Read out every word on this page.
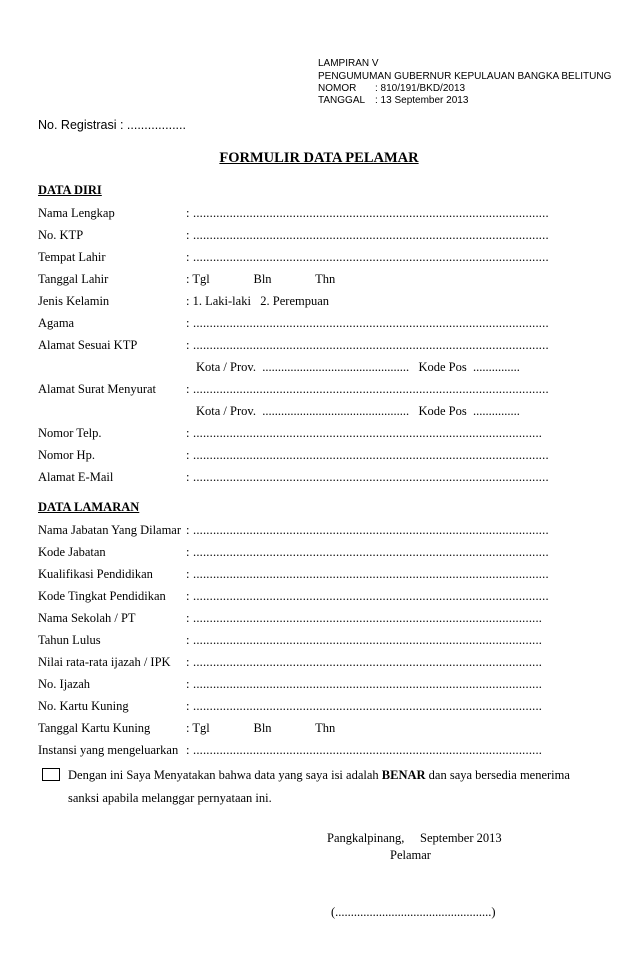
LAMPIRAN V
PENGUMUMAN GUBERNUR KEPULAUAN BANGKA BELITUNG
NOMOR : 810/191/BKD/2013
TANGGAL : 13 September 2013
No. Registrasi : .................
FORMULIR DATA PELAMAR
DATA DIRI
Nama Lengkap	: ...........................................................................................................
No. KTP	: ...........................................................................................................
Tempat Lahir	: ...........................................................................................................
Tanggal Lahir	: Tgl              Bln              Thn
Jenis Kelamin	: 1. Laki-laki   2. Perempuan
Agama	: ...........................................................................................................
Alamat Sesuai KTP	: ...........................................................................................................
Kota / Prov.  ...............................................   Kode Pos  ...............
Alamat Surat Menyurat : ...........................................................................................................
Kota / Prov.  ...............................................   Kode Pos  ...............
Nomor Telp.	: .........................................................................................................
Nomor Hp.	: ...........................................................................................................
Alamat E-Mail	: ...........................................................................................................
DATA LAMARAN
Nama Jabatan Yang Dilamar : ...........................................................................................................
Kode Jabatan	: ...........................................................................................................
Kualifikasi Pendidikan	: ...........................................................................................................
Kode Tingkat Pendidikan : ...........................................................................................................
Nama Sekolah / PT	: .........................................................................................................
Tahun Lulus	: .........................................................................................................
Nilai rata-rata ijazah / IPK : .........................................................................................................
No. Ijazah	: .........................................................................................................
No. Kartu Kuning	: .........................................................................................................
Tanggal Kartu Kuning	: Tgl              Bln              Thn
Instansi yang mengeluarkan : .........................................................................................................
Dengan ini Saya Menyatakan bahwa data yang saya isi adalah BENAR dan saya bersedia menerima
sanksi apabila melanggar pernyataan ini.
Pangkalpinang,     September 2013
Pelamar
(..................................................)
